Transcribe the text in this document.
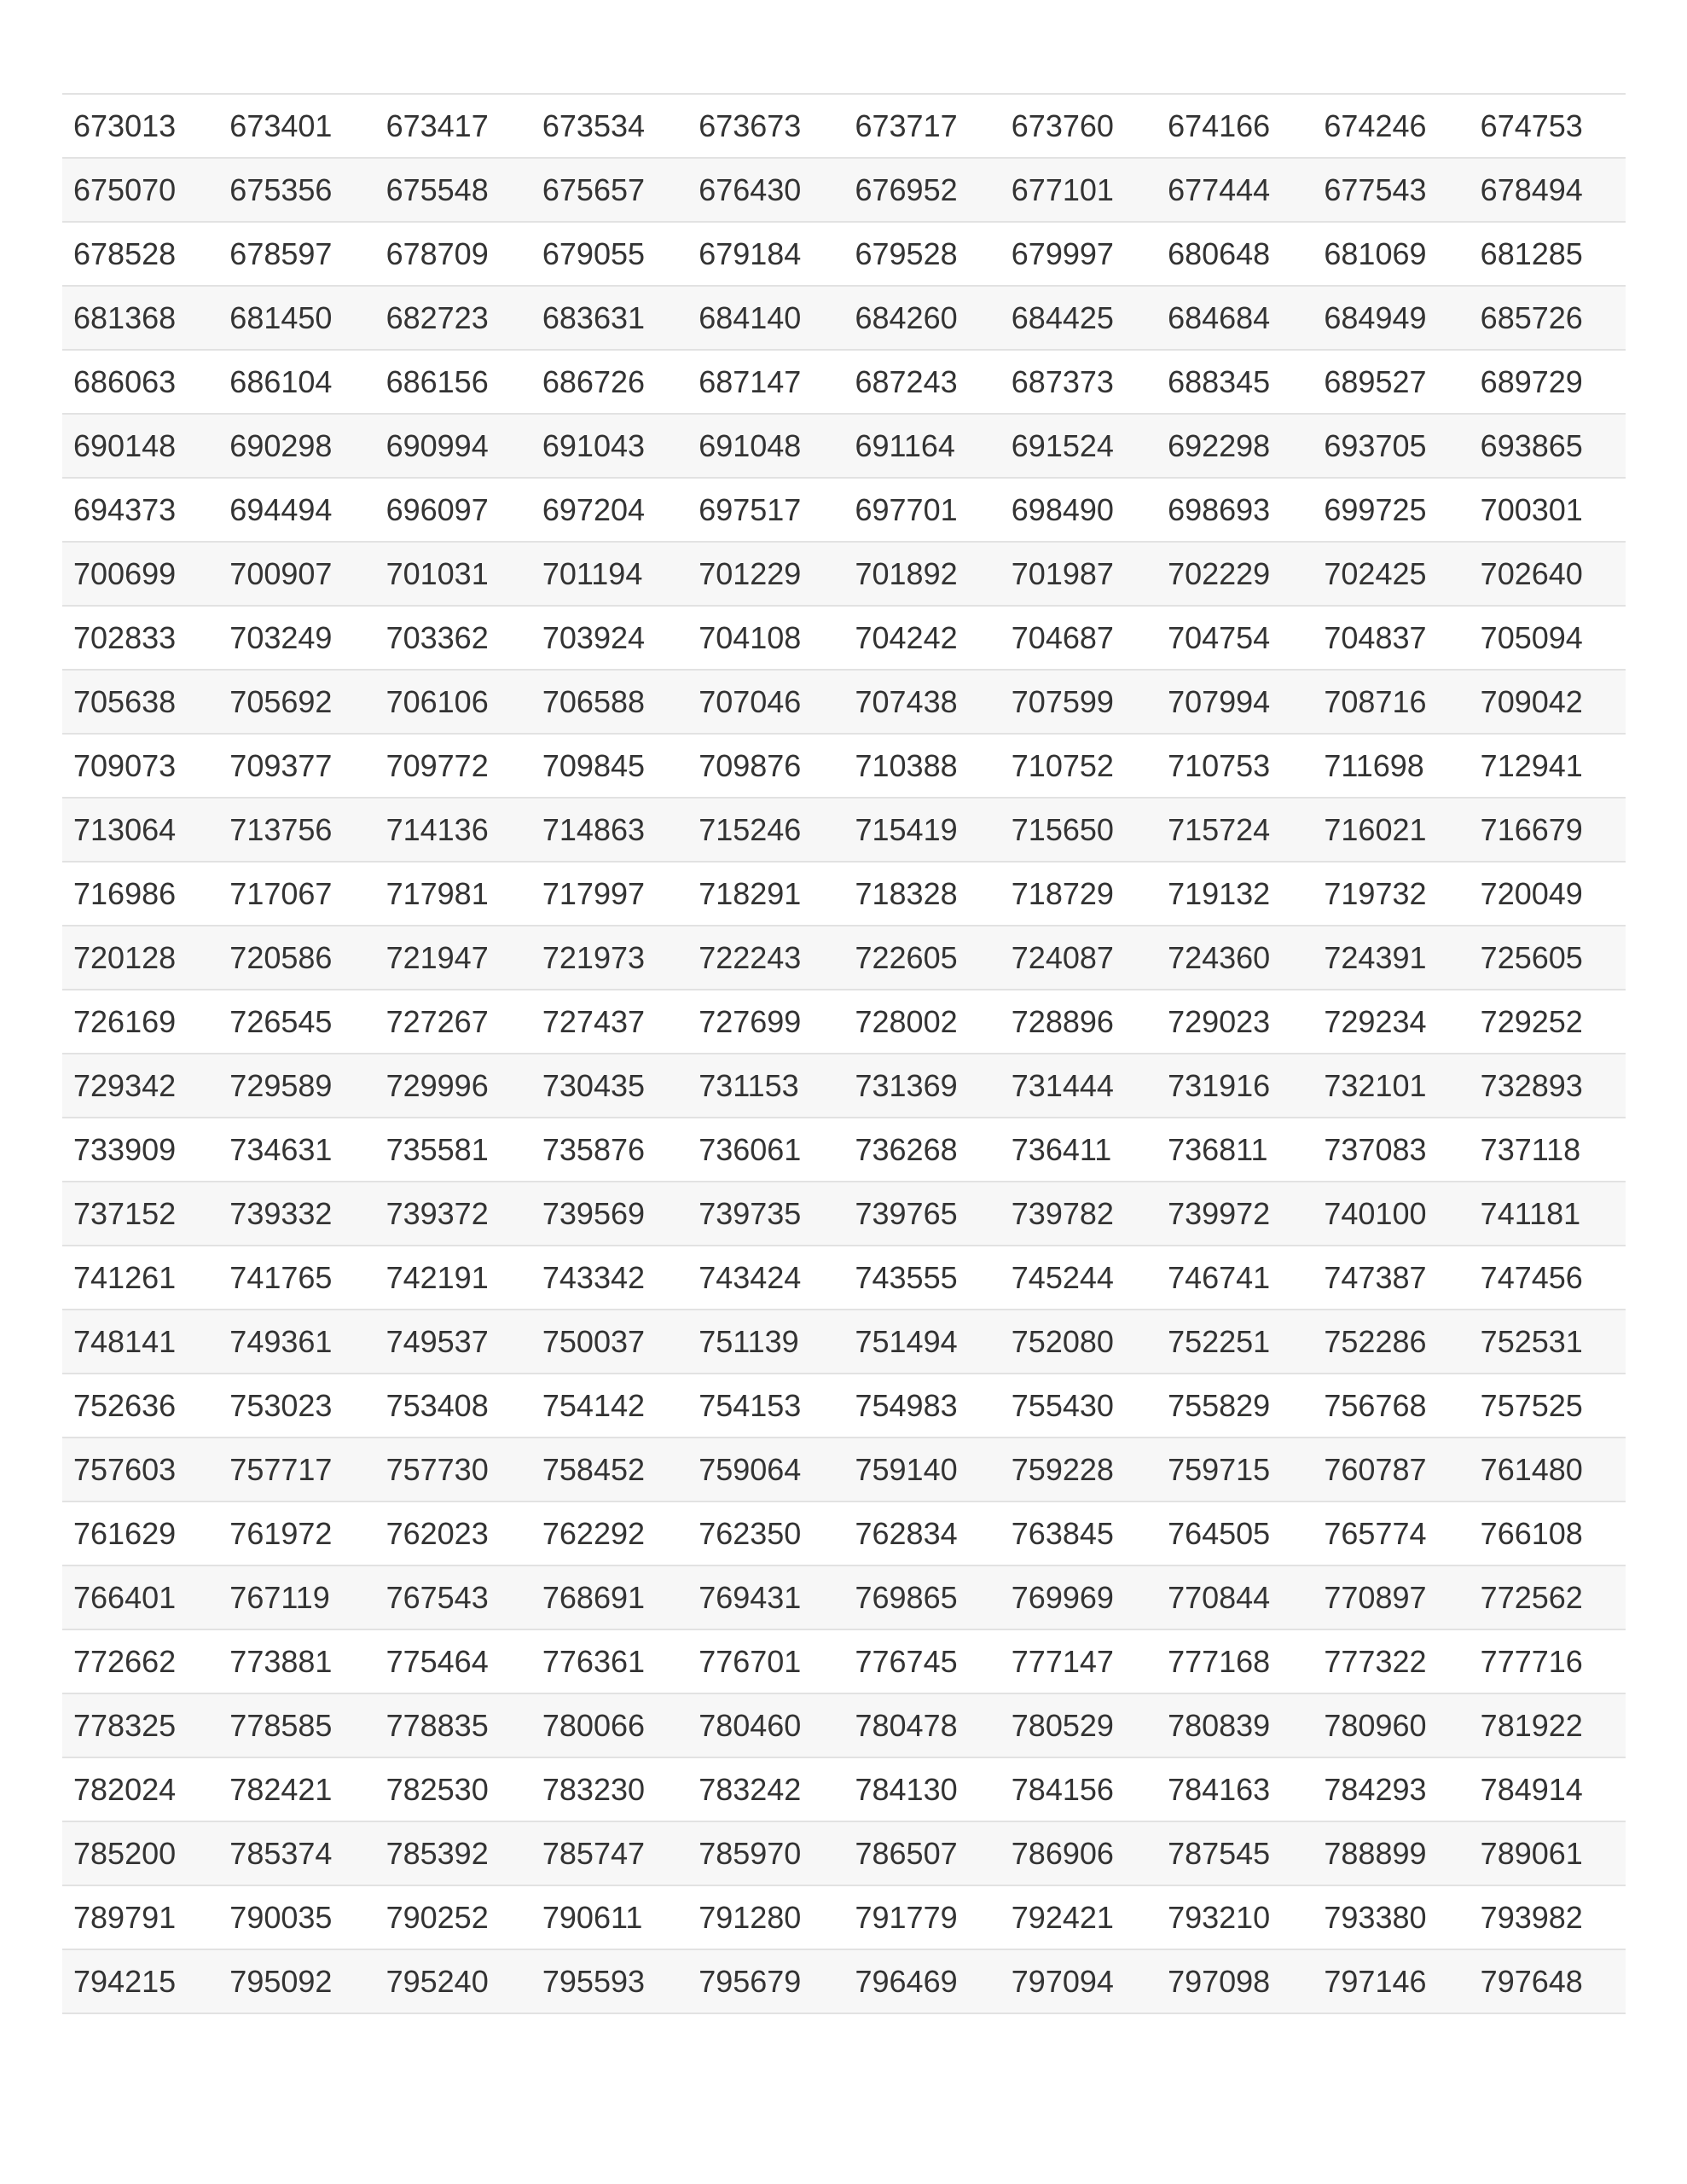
673013	673401	673417	673534	673673	673717	673760	674166	674246	674753
675070	675356	675548	675657	676430	676952	677101	677444	677543	678494
678528	678597	678709	679055	679184	679528	679997	680648	681069	681285
681368	681450	682723	683631	684140	684260	684425	684684	684949	685726
686063	686104	686156	686726	687147	687243	687373	688345	689527	689729
690148	690298	690994	691043	691048	691164	691524	692298	693705	693865
694373	694494	696097	697204	697517	697701	698490	698693	699725	700301
700699	700907	701031	701194	701229	701892	701987	702229	702425	702640
702833	703249	703362	703924	704108	704242	704687	704754	704837	705094
705638	705692	706106	706588	707046	707438	707599	707994	708716	709042
709073	709377	709772	709845	709876	710388	710752	710753	711698	712941
713064	713756	714136	714863	715246	715419	715650	715724	716021	716679
716986	717067	717981	717997	718291	718328	718729	719132	719732	720049
720128	720586	721947	721973	722243	722605	724087	724360	724391	725605
726169	726545	727267	727437	727699	728002	728896	729023	729234	729252
729342	729589	729996	730435	731153	731369	731444	731916	732101	732893
733909	734631	735581	735876	736061	736268	736411	736811	737083	737118
737152	739332	739372	739569	739735	739765	739782	739972	740100	741181
741261	741765	742191	743342	743424	743555	745244	746741	747387	747456
748141	749361	749537	750037	751139	751494	752080	752251	752286	752531
752636	753023	753408	754142	754153	754983	755430	755829	756768	757525
757603	757717	757730	758452	759064	759140	759228	759715	760787	761480
761629	761972	762023	762292	762350	762834	763845	764505	765774	766108
766401	767119	767543	768691	769431	769865	769969	770844	770897	772562
772662	773881	775464	776361	776701	776745	777147	777168	777322	777716
778325	778585	778835	780066	780460	780478	780529	780839	780960	781922
782024	782421	782530	783230	783242	784130	784156	784163	784293	784914
785200	785374	785392	785747	785970	786507	786906	787545	788899	789061
789791	790035	790252	790611	791280	791779	792421	793210	793380	793982
794215	795092	795240	795593	795679	796469	797094	797098	797146	797648
